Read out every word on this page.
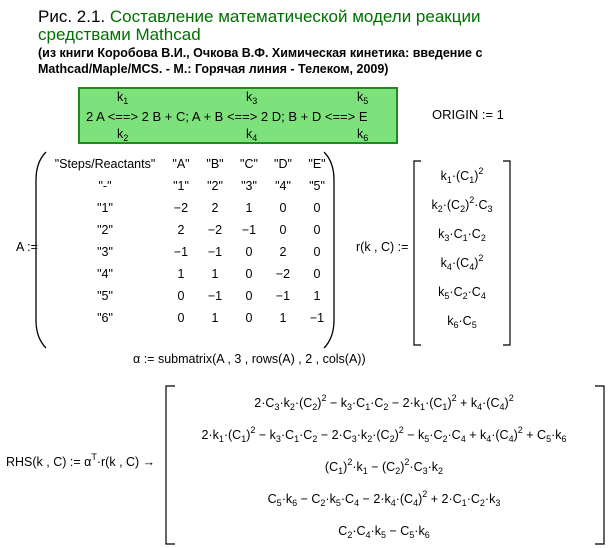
Рис. 2.1. Составление математической модели реакции
средствами Mathcad
(из книги Коробова В.И., Очкова В.Ф. Химическая кинетика: введение с
Mathcad/Maple/MCS. - М.: Горячая линия - Телеком, 2009)
$k_1$	$k_3$	$k_5$
2 A <==> 2 B + C; A + B <==> 2 D; B + D <==> E
$k_2$	$k_4$	$k_6$
ORIGIN := 1
A :=
"Steps/Reactants"	"A"	"B"	"C"	"D"	"E"
"-"	"1"	"2"	"3"	"4"	"5"
"1"	−2	2	1	0	0
"2"	2	−2	−1	0	0
"3"	−1	−1	0	2	0
"4"	1	1	0	−2	0
"5"	0	−1	0	−1	1
"6"	0	1	0	1	−1
r(k , C) :=
$k_1\cdot(C_1)^2$
$k_2\cdot(C_2)^2\cdot C_3$
$k_3\cdot C_1\cdot C_2$
$k_4\cdot(C_4)^2$
$k_5\cdot C_2\cdot C_4$
$k_6\cdot C_5$
α := submatrix(A , 3 , rows(A) , 2 , cols(A))
RHS(k , C) := $\alpha^T\cdot r(k$ , C) →
$2\cdot C_3\cdot k_2\cdot(C_2)^2 - k_3\cdot C_1\cdot C_2 - 2\cdot k_1\cdot(C_1)^2 + k_4\cdot(C_4)^2$
$2\cdot k_1\cdot(C_1)^2 - k_3\cdot C_1\cdot C_2 - 2\cdot C_3\cdot k_2\cdot(C_2)^2 - k_5\cdot C_2\cdot C_4 + k_4\cdot(C_4)^2 + C_5\cdot k_6$
$(C_1)^2\cdot k_1 - (C_2)^2\cdot C_3\cdot k_2$
$C_5\cdot k_6 - C_2\cdot k_5\cdot C_4 - 2\cdot k_4\cdot(C_4)^2 + 2\cdot C_1\cdot C_2\cdot k_3$
$C_2\cdot C_4\cdot k_5 - C_5\cdot k_6$
